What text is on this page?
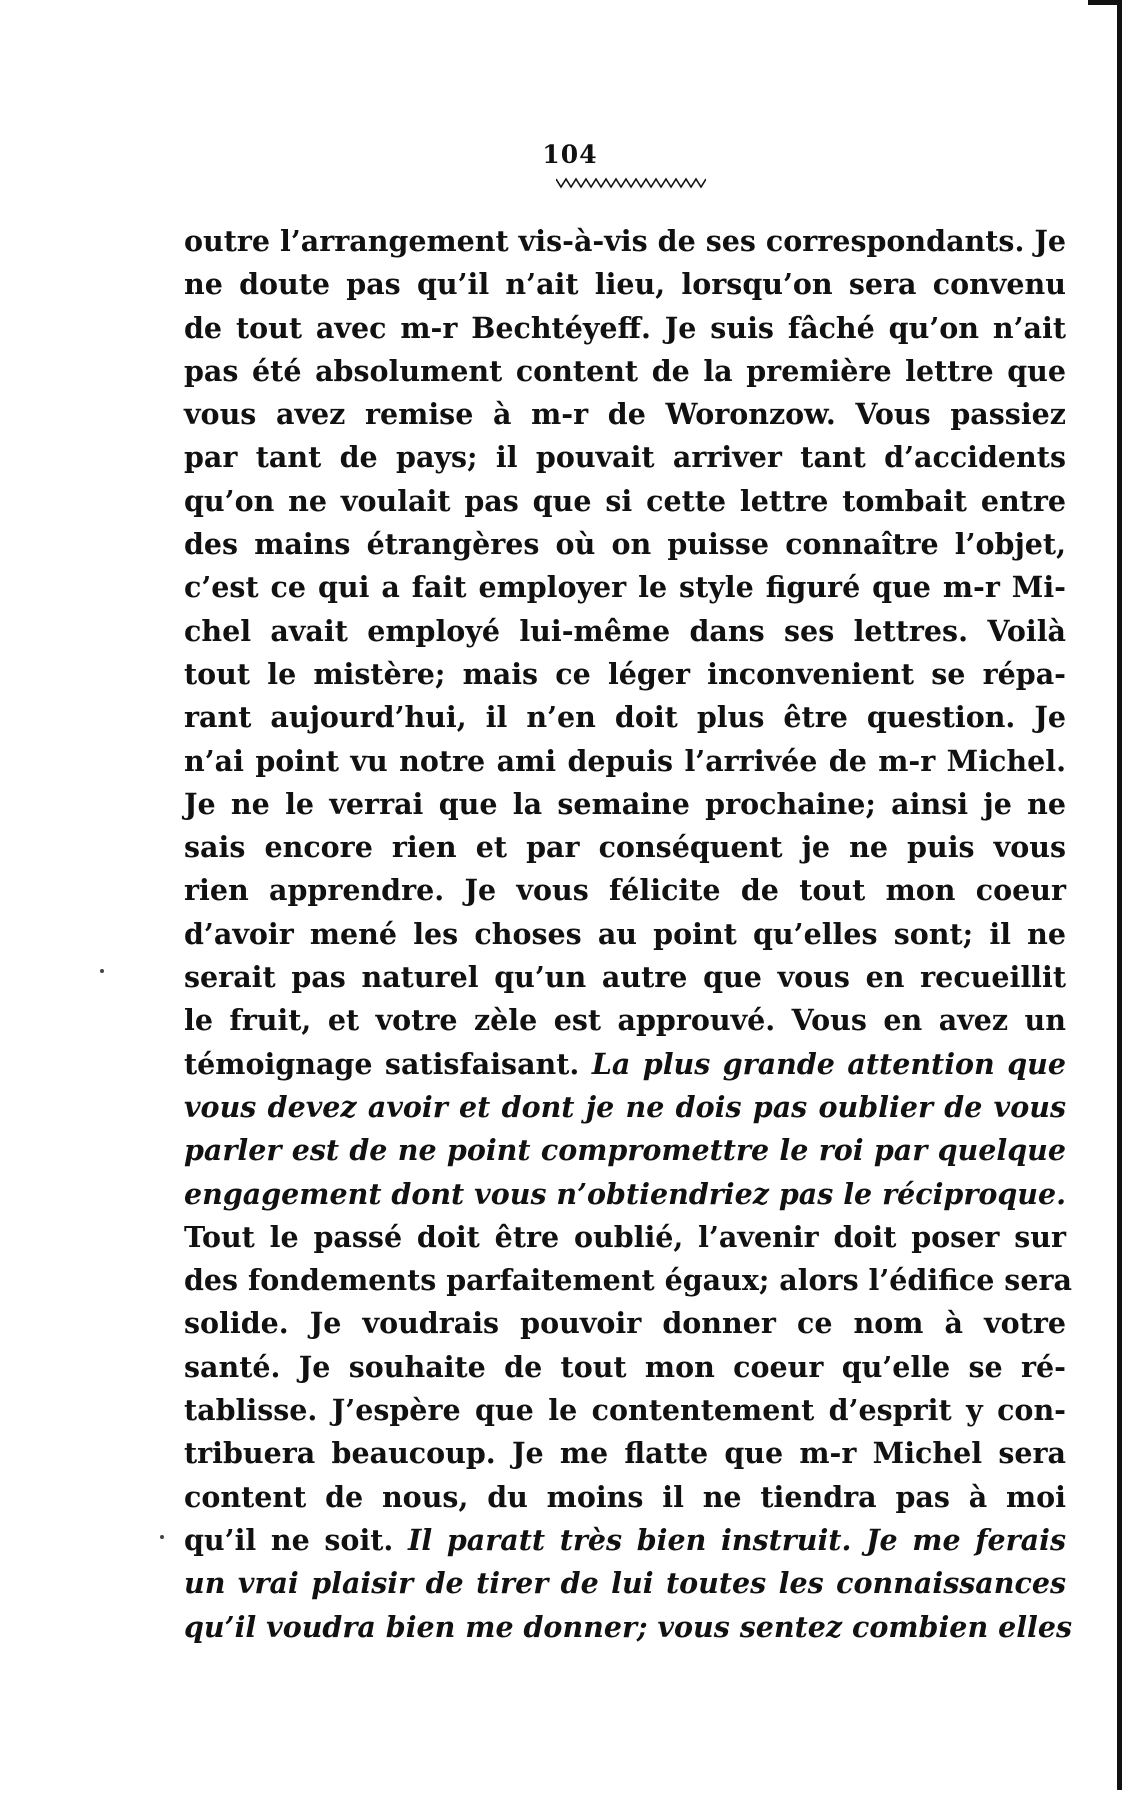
104
outre l’arrangement vis-à-vis de ses correspondants. Je
ne doute pas qu’il n’ait lieu, lorsqu’on sera convenu
de tout avec m-r Bechtéyeff. Je suis fâché qu’on n’ait
pas été absolument content de la première lettre que
vous avez remise à m-r de Woronzow. Vous passiez
par tant de pays; il pouvait arriver tant d’accidents
qu’on ne voulait pas que si cette lettre tombait entre
des mains étrangères où on puisse connaître l’objet,
c’est ce qui a fait employer le style figuré que m-r Mi-
chel avait employé lui-même dans ses lettres. Voilà
tout le mistère; mais ce léger inconvenient se répa-
rant aujourd’hui, il n’en doit plus être question. Je
n’ai point vu notre ami depuis l’arrivée de m-r Michel.
Je ne le verrai que la semaine prochaine; ainsi je ne
sais encore rien et par conséquent je ne puis vous
rien apprendre. Je vous félicite de tout mon coeur
d’avoir mené les choses au point qu’elles sont; il ne
serait pas naturel qu’un autre que vous en recueillit
le fruit, et votre zèle est approuvé. Vous en avez un
témoignage satisfaisant. La plus grande attention que
vous devez avoir et dont je ne dois pas oublier de vous
parler est de ne point compromettre le roi par quelque
engagement dont vous n’obtiendriez pas le réciproque.
Tout le passé doit être oublié, l’avenir doit poser sur
des fondements parfaitement égaux; alors l’édifice sera
solide. Je voudrais pouvoir donner ce nom à votre
santé. Je souhaite de tout mon coeur qu’elle se ré-
tablisse. J’espère que le contentement d’esprit y con-
tribuera beaucoup. Je me flatte que m-r Michel sera
content de nous, du moins il ne tiendra pas à moi
qu’il ne soit. Il paratt très bien instruit. Je me ferais
un vrai plaisir de tirer de lui toutes les connaissances
qu’il voudra bien me donner; vous sentez combien elles
